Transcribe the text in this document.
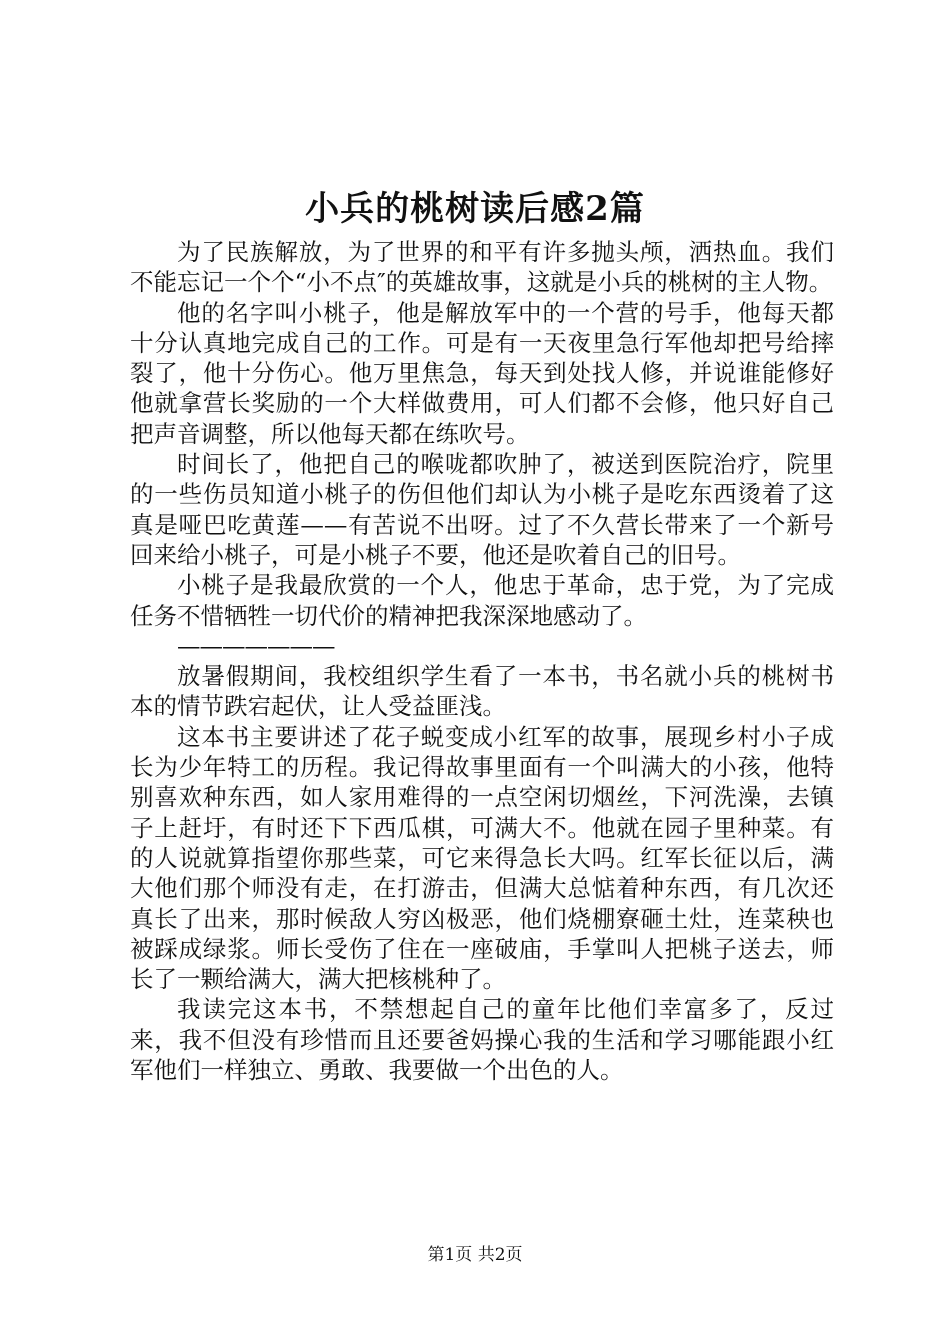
小兵的桃树读后感2篇

为了民族解放，为了世界的和平有许多抛头颅，洒热血。我们不能忘记一个个“小不点″的英雄故事，这就是小兵的桃树的主人物。

他的名字叫小桃子，他是解放军中的一个营的号手，他每天都十分认真地完成自己的工作。可是有一天夜里急行军他却把号给摔裂了，他十分伤心。他万里焦急，每天到处找人修，并说谁能修好他就拿营长奖励的一个大样做费用，可人们都不会修，他只好自己把声音调整，所以他每天都在练吹号。

时间长了，他把自己的喉咙都吹肿了，被送到医院治疗，院里的一些伤员知道小桃子的伤但他们却认为小桃子是吃东西烫着了这真是哑巴吃黄莲——有苦说不出呀。过了不久营长带来了一个新号回来给小桃子，可是小桃子不要，他还是吹着自己的旧号。

小桃子是我最欣赏的一个人，他忠于革命，忠于党，为了完成任务不惜牺牲一切代价的精神把我深深地感动了。

———————

放暑假期间，我校组织学生看了一本书，书名就小兵的桃树书本的情节跌宕起伏，让人受益匪浅。

这本书主要讲述了花子蜕变成小红军的故事，展现乡村小子成长为少年特工的历程。我记得故事里面有一个叫满大的小孩，他特别喜欢种东西，如人家用难得的一点空闲切烟丝，下河洗澡，去镇子上赶圩，有时还下下西瓜棋，可满大不。他就在园子里种菜。有的人说就算指望你那些菜，可它来得急长大吗。红军长征以后，满大他们那个师没有走，在打游击，但满大总惦着种东西，有几次还真长了出来，那时候敌人穷凶极恶，他们烧棚寮砸土灶，连菜秧也被踩成绿浆。师长受伤了住在一座破庙，手掌叫人把桃子送去，师长了一颗给满大，满大把核桃种了。

我读完这本书，不禁想起自己的童年比他们幸富多了，反过来，我不但没有珍惜而且还要爸妈操心我的生活和学习哪能跟小红军他们一样独立、勇敢、我要做一个出色的人。

第1页 共2页
